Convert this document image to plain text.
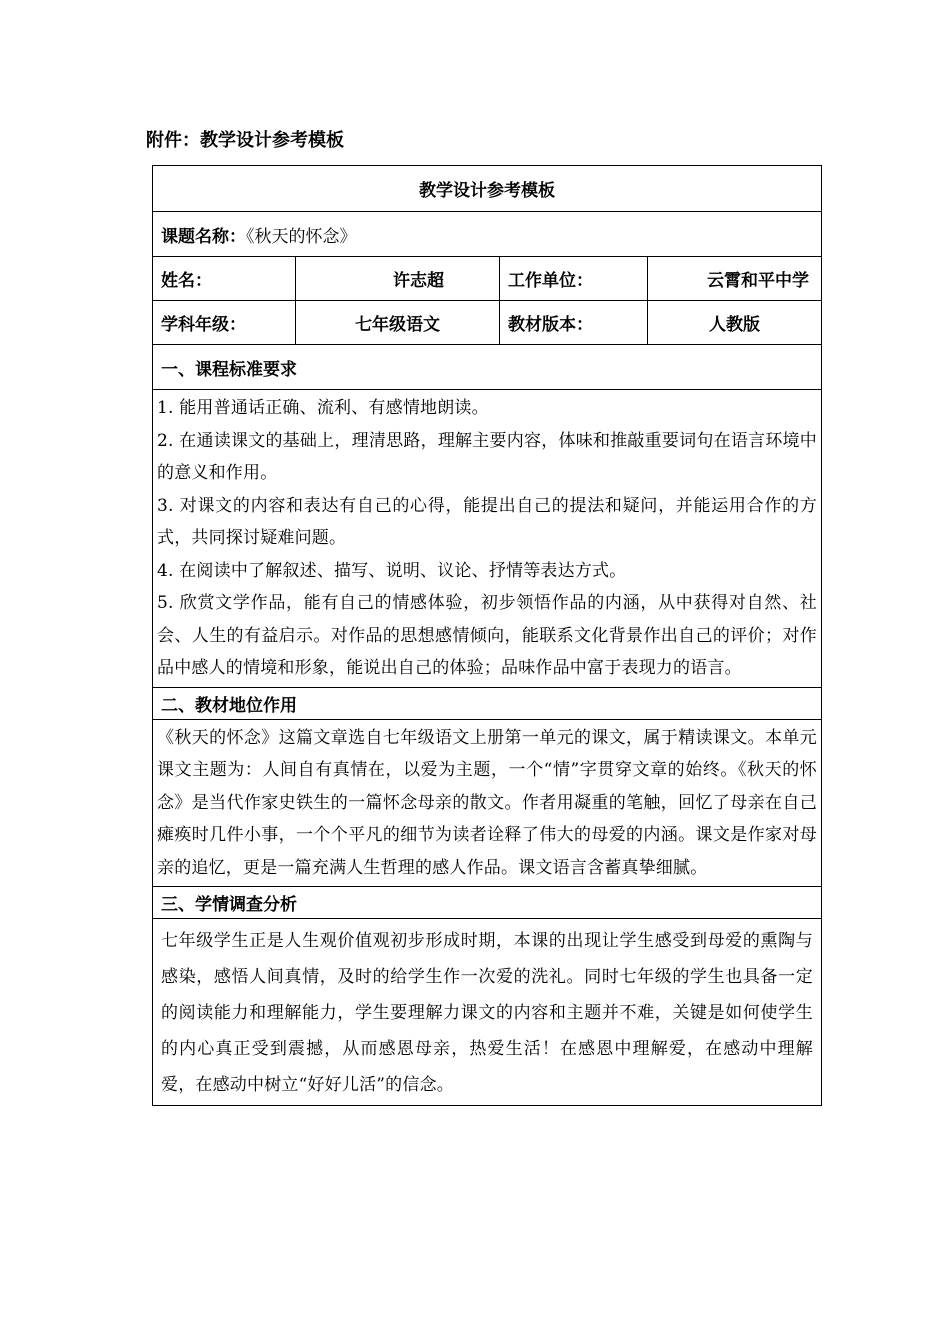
附件：教学设计参考模板
教学设计参考模板			
课题名称：《秋天的怀念》			
姓名：	许志超	工作单位：	云霄和平中学
学科年级：	七年级语文	教材版本：	人教版
一、课程标准要求			

1. 能用普通话正确、流利、有感情地朗读。

2. 在通读课文的基础上，理清思路，理解主要内容，体味和推敲重要词句在语言环境中的意义和作用。

3. 对课文的内容和表达有自己的心得，能提出自己的提法和疑问，并能运用合作的方式，共同探讨疑难问题。

4. 在阅读中了解叙述、描写、说明、议论、抒情等表达方式。

5. 欣赏文学作品，能有自己的情感体验，初步领悟作品的内涵，从中获得对自然、社会、人生的有益启示。对作品的思想感情倾向，能联系文化背景作出自己的评价；对作品中感人的情境和形象，能说出自己的体验；品味作品中富于表现力的语言。			

二、教材地位作用			

《秋天的怀念》这篇文章选自七年级语文上册第一单元的课文，属于精读课文。本单元课文主题为：人间自有真情在，以爱为主题，一个“情”字贯穿文章的始终。《秋天的怀念》是当代作家史铁生的一篇怀念母亲的散文。作者用凝重的笔触，回忆了母亲在自己瘫痪时几件小事，一个个平凡的细节为读者诠释了伟大的母爱的内涵。课文是作家对母亲的追忆，更是一篇充满人生哲理的感人作品。课文语言含蓄真挚细腻。			

三、学情调查分析			

七年级学生正是人生观价值观初步形成时期，本课的出现让学生感受到母爱的熏陶与感染，感悟人间真情，及时的给学生作一次爱的洗礼。同时七年级的学生也具备一定的阅读能力和理解能力，学生要理解力课文的内容和主题并不难，关键是如何使学生的内心真正受到震撼，从而感恩母亲，热爱生活！在感恩中理解爱，在感动中理解爱，在感动中树立“好好儿活”的信念。			
